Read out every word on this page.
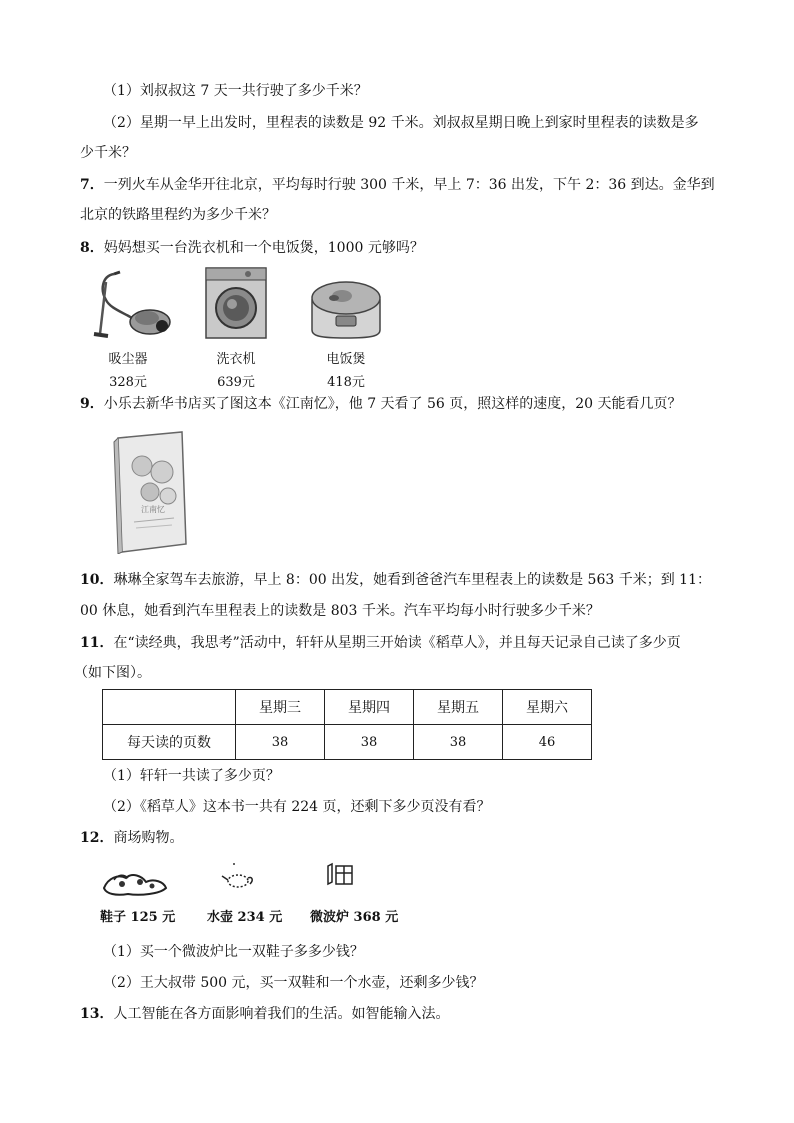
（1）刘叔叔这 7 天一共行驶了多少千米？
（2）星期一早上出发时，里程表的读数是 92 千米。刘叔叔星期日晚上到家时里程表的读数是多
少千米？
7．一列火车从金华开往北京，平均每时行驶 300 千米，早上 7：36 出发，下午 2：36 到达。金华到
北京的铁路里程约为多少千米？
8．妈妈想买一台洗衣机和一个电饭煲，1000 元够吗？
吸尘器
328元
洗衣机
639元
电饭煲
418元
9．小乐去新华书店买了图这本《江南忆》，他 7 天看了 56 页，照这样的速度，20 天能看几页？
江南忆
10．琳琳全家驾车去旅游，早上 8：00 出发，她看到爸爸汽车里程表上的读数是 563 千米；到 11：
00 休息，她看到汽车里程表上的读数是 803 千米。汽车平均每小时行驶多少千米？
11．在“读经典，我思考”活动中，轩轩从星期三开始读《稻草人》，并且每天记录自己读了多少页
（如下图）。
	星期三	星期四	星期五	星期六
每天读的页数	38	38	38	46
（1）轩轩一共读了多少页？
（2）《稻草人》这本书一共有 224 页，还剩下多少页没有看？
12．商场购物。
鞋子 125 元 水壶 234 元 微波炉 368 元
（1）买一个微波炉比一双鞋子多多少钱？
（2）王大叔带 500 元，买一双鞋和一个水壶，还剩多少钱？
13．人工智能在各方面影响着我们的生活。如智能输入法。
